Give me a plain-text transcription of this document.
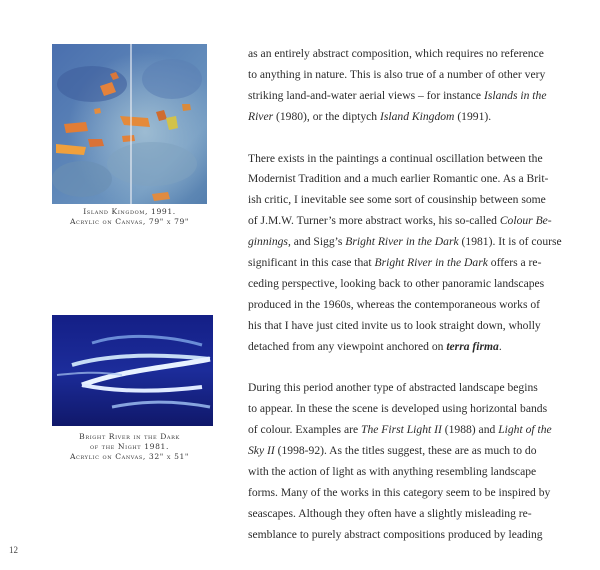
Island Kingdom, 1991.
Acrylic on Canvas, 79" x 79"
Bright River in the Dark
of the Night 1981.
Acrylic on Canvas, 32" x 51"

as an entirely abstract composition, which requires no reference
to anything in nature. This is also true of a number of other very
striking land-and-water aerial views – for instance Islands in the
River (1980), or the diptych Island Kingdom (1991).

There exists in the paintings a continual oscillation between the
Modernist Tradition and a much earlier Romantic one. As a Brit-
ish critic, I inevitable see some sort of cousinship between some
of J.M.W. Turner’s more abstract works, his so-called Colour Be-
ginnings, and Sigg’s Bright River in the Dark (1981). It is of course
significant in this case that Bright River in the Dark offers a re-
ceding perspective, looking back to other panoramic landscapes
produced in the 1960s, whereas the contemporaneous works of
his that I have just cited invite us to look straight down, wholly
detached from any viewpoint anchored on terra firma.

During this period another type of abstracted landscape begins
to appear. In these the scene is developed using horizontal bands
of colour. Examples are The First Light II (1988) and Light of the
Sky II (1998-92). As the titles suggest, these are as much to do
with the action of light as with anything resembling landscape
forms. Many of the works in this category seem to be inspired by
seascapes. Although they often have a slightly misleading re-
semblance to purely abstract compositions produced by leading

12
